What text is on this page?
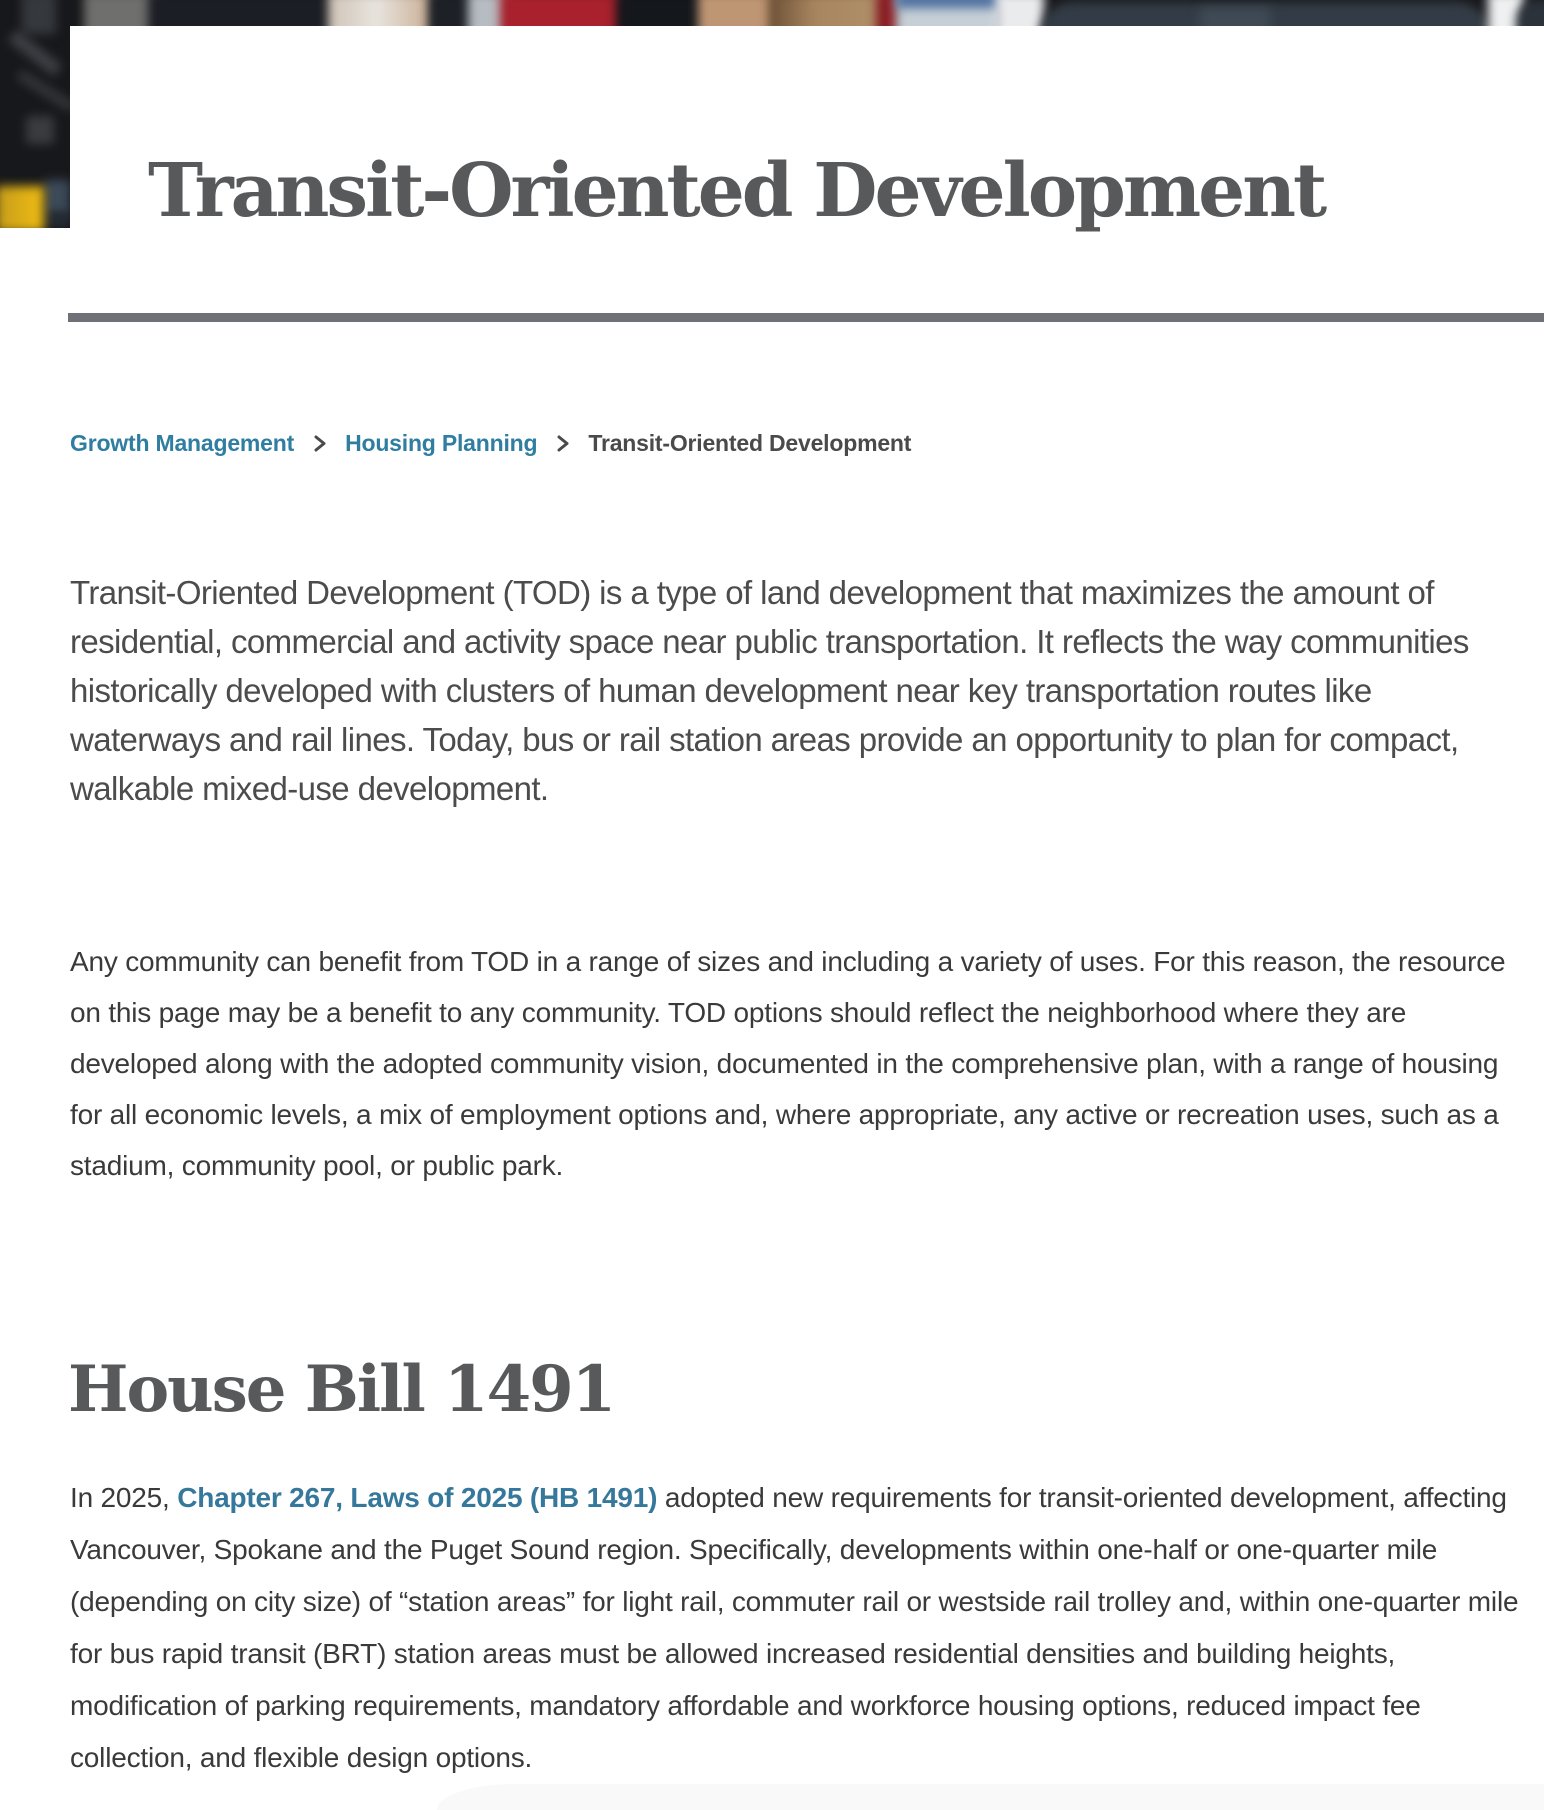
Transit-Oriented Development
Growth Management Housing Planning Transit-Oriented Development

Transit-Oriented Development (TOD) is a type of land development that maximizes the amount of residential, commercial and activity space near public transportation. It reflects the way communities historically developed with clusters of human development near key transportation routes like waterways and rail lines. Today, bus or rail station areas provide an opportunity to plan for compact, walkable mixed-use development.

Any community can benefit from TOD in a range of sizes and including a variety of uses. For this reason, the resource on this page may be a benefit to any community. TOD options should reflect the neighborhood where they are developed along with the adopted community vision, documented in the comprehensive plan, with a range of housing for all economic levels, a mix of employment options and, where appropriate, any active or recreation uses, such as a stadium, community pool, or public park.

House Bill 1491

In 2025, Chapter 267, Laws of 2025 (HB 1491) adopted new requirements for transit-oriented development, affecting Vancouver, Spokane and the Puget Sound region. Specifically, developments within one-half or one-quarter mile (depending on city size) of “station areas” for light rail, commuter rail or westside rail trolley and, within one-quarter mile for bus rapid transit (BRT) station areas must be allowed increased residential densities and building heights, modification of parking requirements, mandatory affordable and workforce housing options, reduced impact fee collection, and flexible design options.
